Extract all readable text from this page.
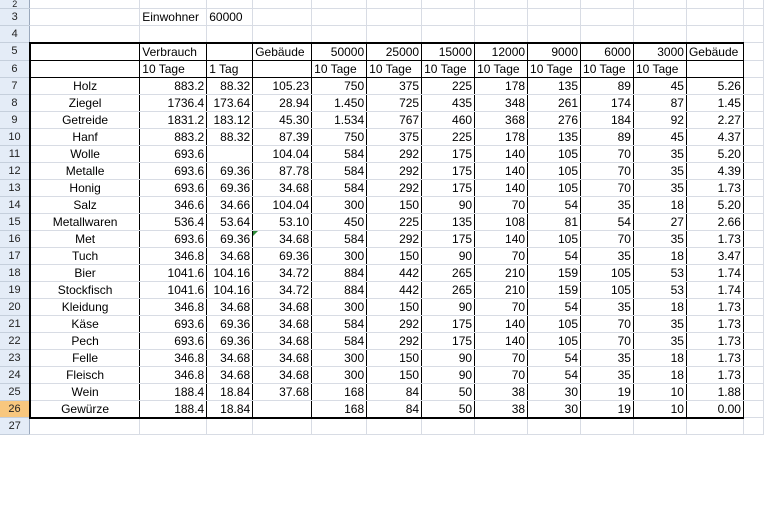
2													
3		Einwohner	60000										
4													
5		Verbrauch		Gebäude	50000	25000	15000	12000	9000	6000	3000	Gebäude	
6		10 Tage	1 Tag		10 Tage	10 Tage	10 Tage	10 Tage	10 Tage	10 Tage	10 Tage		
7	Holz	883.2	88.32	105.23	750	375	225	178	135	89	45	5.26	
8	Ziegel	1736.4	173.64	28.94	1.450	725	435	348	261	174	87	1.45	
9	Getreide	1831.2	183.12	45.30	1.534	767	460	368	276	184	92	2.27	
10	Hanf	883.2	88.32	87.39	750	375	225	178	135	89	45	4.37	
11	Wolle	693.6		104.04	584	292	175	140	105	70	35	5.20	
12	Metalle	693.6	69.36	87.78	584	292	175	140	105	70	35	4.39	
13	Honig	693.6	69.36	34.68	584	292	175	140	105	70	35	1.73	
14	Salz	346.6	34.66	104.04	300	150	90	70	54	35	18	5.20	
15	Metallwaren	536.4	53.64	53.10	450	225	135	108	81	54	27	2.66	
16	Met	693.6	69.36	34.68	584	292	175	140	105	70	35	1.73	
17	Tuch	346.8	34.68	69.36	300	150	90	70	54	35	18	3.47	
18	Bier	1041.6	104.16	34.72	884	442	265	210	159	105	53	1.74	
19	Stockfisch	1041.6	104.16	34.72	884	442	265	210	159	105	53	1.74	
20	Kleidung	346.8	34.68	34.68	300	150	90	70	54	35	18	1.73	
21	Käse	693.6	69.36	34.68	584	292	175	140	105	70	35	1.73	
22	Pech	693.6	69.36	34.68	584	292	175	140	105	70	35	1.73	
23	Felle	346.8	34.68	34.68	300	150	90	70	54	35	18	1.73	
24	Fleisch	346.8	34.68	34.68	300	150	90	70	54	35	18	1.73	
25	Wein	188.4	18.84	37.68	168	84	50	38	30	19	10	1.88	
26	Gewürze	188.4	18.84		168	84	50	38	30	19	10	0.00	
27													
